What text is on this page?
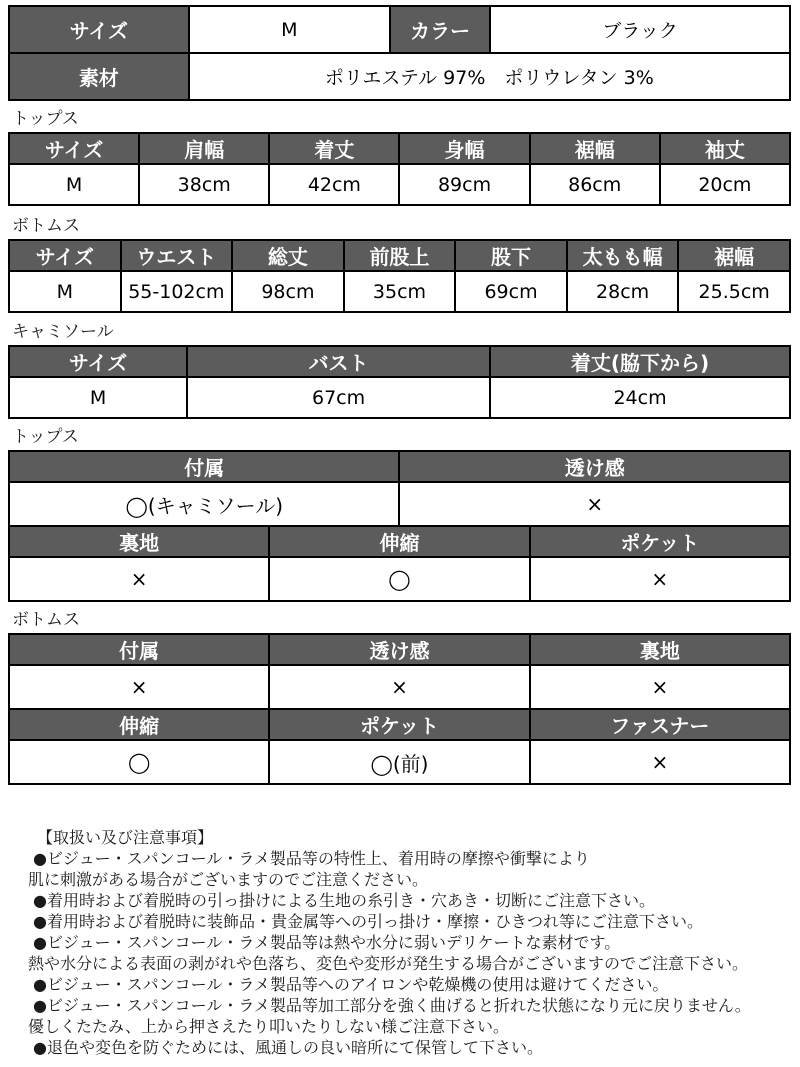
サイズ	M	カラー	ブラック
素材	ポリエステル 97%　ポリウレタン 3%		
トップス
サイズ	肩幅	着丈	身幅	裾幅	袖丈
M	38cm	42cm	89cm	86cm	20cm
ボトムス
サイズ	ウエスト	総丈	前股上	股下	太もも幅	裾幅
M	55-102cm	98cm	35cm	69cm	28cm	25.5cm
キャミソール
サイズ	バスト	着丈(脇下から)
M	67cm	24cm
トップス
付属		透け感	
◯(キャミソール)		×	
裏地	伸縮		ポケット
×	◯		×
ボトムス
付属	透け感	裏地
×	×	×
伸縮	ポケット	ファスナー
◯	◯(前)	×
【取扱い及び注意事項】
●ビジュー・スパンコール・ラメ製品等の特性上、着用時の摩擦や衝撃により
肌に刺激がある場合がございますのでご注意ください。
●着用時および着脱時の引っ掛けによる生地の糸引き・穴あき・切断にご注意下さい。
●着用時および着脱時に装飾品・貴金属等への引っ掛け・摩擦・ひきつれ等にご注意下さい。
●ビジュー・スパンコール・ラメ製品等は熱や水分に弱いデリケートな素材です。
熱や水分による表面の剥がれや色落ち、変色や変形が発生する場合がございますのでご注意下さい。
●ビジュー・スパンコール・ラメ製品等へのアイロンや乾燥機の使用は避けてください。
●ビジュー・スパンコール・ラメ製品等加工部分を強く曲げると折れた状態になり元に戻りません。
優しくたたみ、上から押さえたり叩いたりしない様ご注意下さい。
●退色や変色を防ぐためには、風通しの良い暗所にて保管して下さい。
